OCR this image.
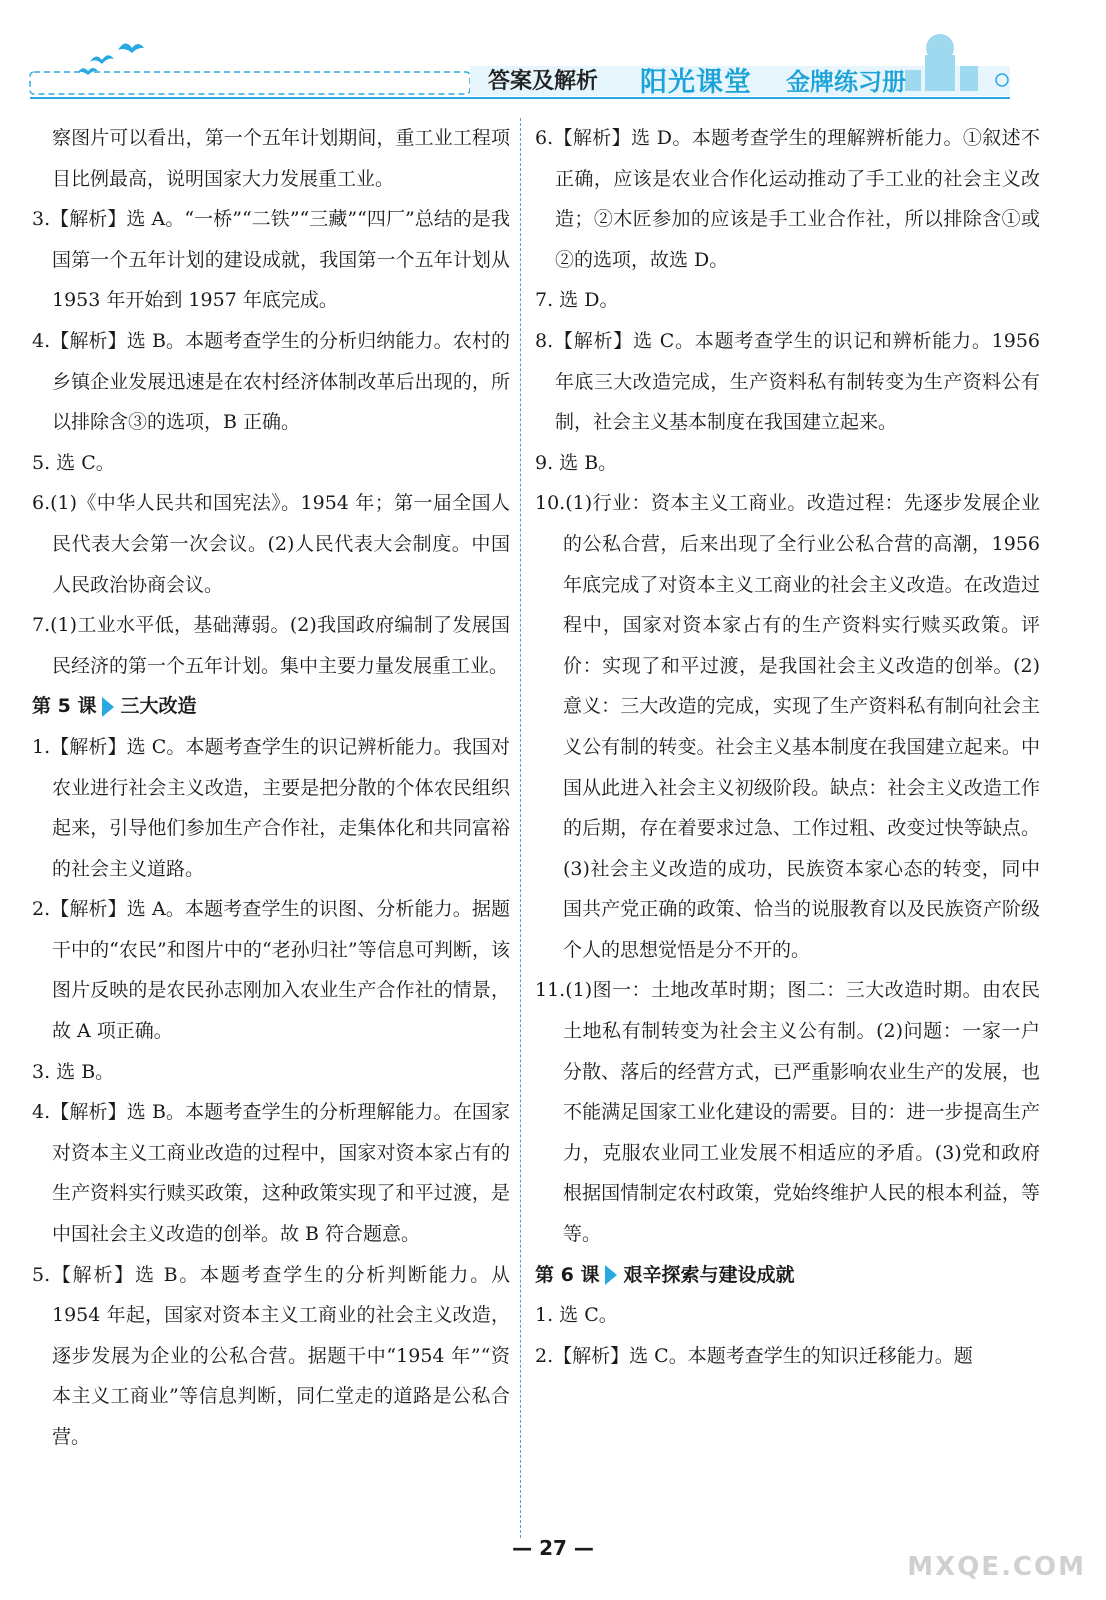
答案及解析 阳光课堂 金牌练习册

察图片可以看出，第一个五年计划期间，重工业工程项目比例最高，说明国家大力发展重工业。

3.【解析】选 A。“一桥”“二铁”“三藏”“四厂”总结的是我国第一个五年计划的建设成就，我国第一个五年计划从 1953 年开始到 1957 年底完成。

4.【解析】选 B。本题考查学生的分析归纳能力。农村的乡镇企业发展迅速是在农村经济体制改革后出现的，所以排除含③的选项，B 正确。

5. 选 C。

6.(1)《中华人民共和国宪法》。1954 年；第一届全国人民代表大会第一次会议。(2)人民代表大会制度。中国人民政治协商会议。

7.(1)工业水平低，基础薄弱。(2)我国政府编制了发展国民经济的第一个五年计划。集中主要力量发展重工业。

第 5 课 三大改造

1.【解析】选 C。本题考查学生的识记辨析能力。我国对农业进行社会主义改造，主要是把分散的个体农民组织起来，引导他们参加生产合作社，走集体化和共同富裕的社会主义道路。

2.【解析】选 A。本题考查学生的识图、分析能力。据题干中的“农民”和图片中的“老孙归社”等信息可判断，该图片反映的是农民孙志刚加入农业生产合作社的情景，故 A 项正确。

3. 选 B。

4.【解析】选 B。本题考查学生的分析理解能力。在国家对资本主义工商业改造的过程中，国家对资本家占有的生产资料实行赎买政策，这种政策实现了和平过渡，是中国社会主义改造的创举。故 B 符合题意。

5.【解析】选 B。本题考查学生的分析判断能力。从 1954 年起，国家对资本主义工商业的社会主义改造，逐步发展为企业的公私合营。据题干中“1954 年”“资本主义工商业”等信息判断，同仁堂走的道路是公私合营。

6.【解析】选 D。本题考查学生的理解辨析能力。①叙述不正确，应该是农业合作化运动推动了手工业的社会主义改造；②木匠参加的应该是手工业合作社，所以排除含①或②的选项，故选 D。

7. 选 D。

8.【解析】选 C。本题考查学生的识记和辨析能力。1956 年底三大改造完成，生产资料私有制转变为生产资料公有制，社会主义基本制度在我国建立起来。

9. 选 B。

10.(1)行业：资本主义工商业。改造过程：先逐步发展企业的公私合营，后来出现了全行业公私合营的高潮，1956 年底完成了对资本主义工商业的社会主义改造。在改造过程中，国家对资本家占有的生产资料实行赎买政策。评价：实现了和平过渡，是我国社会主义改造的创举。(2)意义：三大改造的完成，实现了生产资料私有制向社会主义公有制的转变。社会主义基本制度在我国建立起来。中国从此进入社会主义初级阶段。缺点：社会主义改造工作的后期，存在着要求过急、工作过粗、改变过快等缺点。(3)社会主义改造的成功，民族资本家心态的转变，同中国共产党正确的政策、恰当的说服教育以及民族资产阶级个人的思想觉悟是分不开的。

11.(1)图一：土地改革时期；图二：三大改造时期。由农民土地私有制转变为社会主义公有制。(2)问题：一家一户分散、落后的经营方式，已严重影响农业生产的发展，也不能满足国家工业化建设的需要。目的：进一步提高生产力，克服农业同工业发展不相适应的矛盾。(3)党和政府根据国情制定农村政策，党始终维护人民的根本利益，等等。

第 6 课 艰辛探索与建设成就

1. 选 C。

2.【解析】选 C。本题考查学生的知识迁移能力。题

— 27 —
MXQE.COM
